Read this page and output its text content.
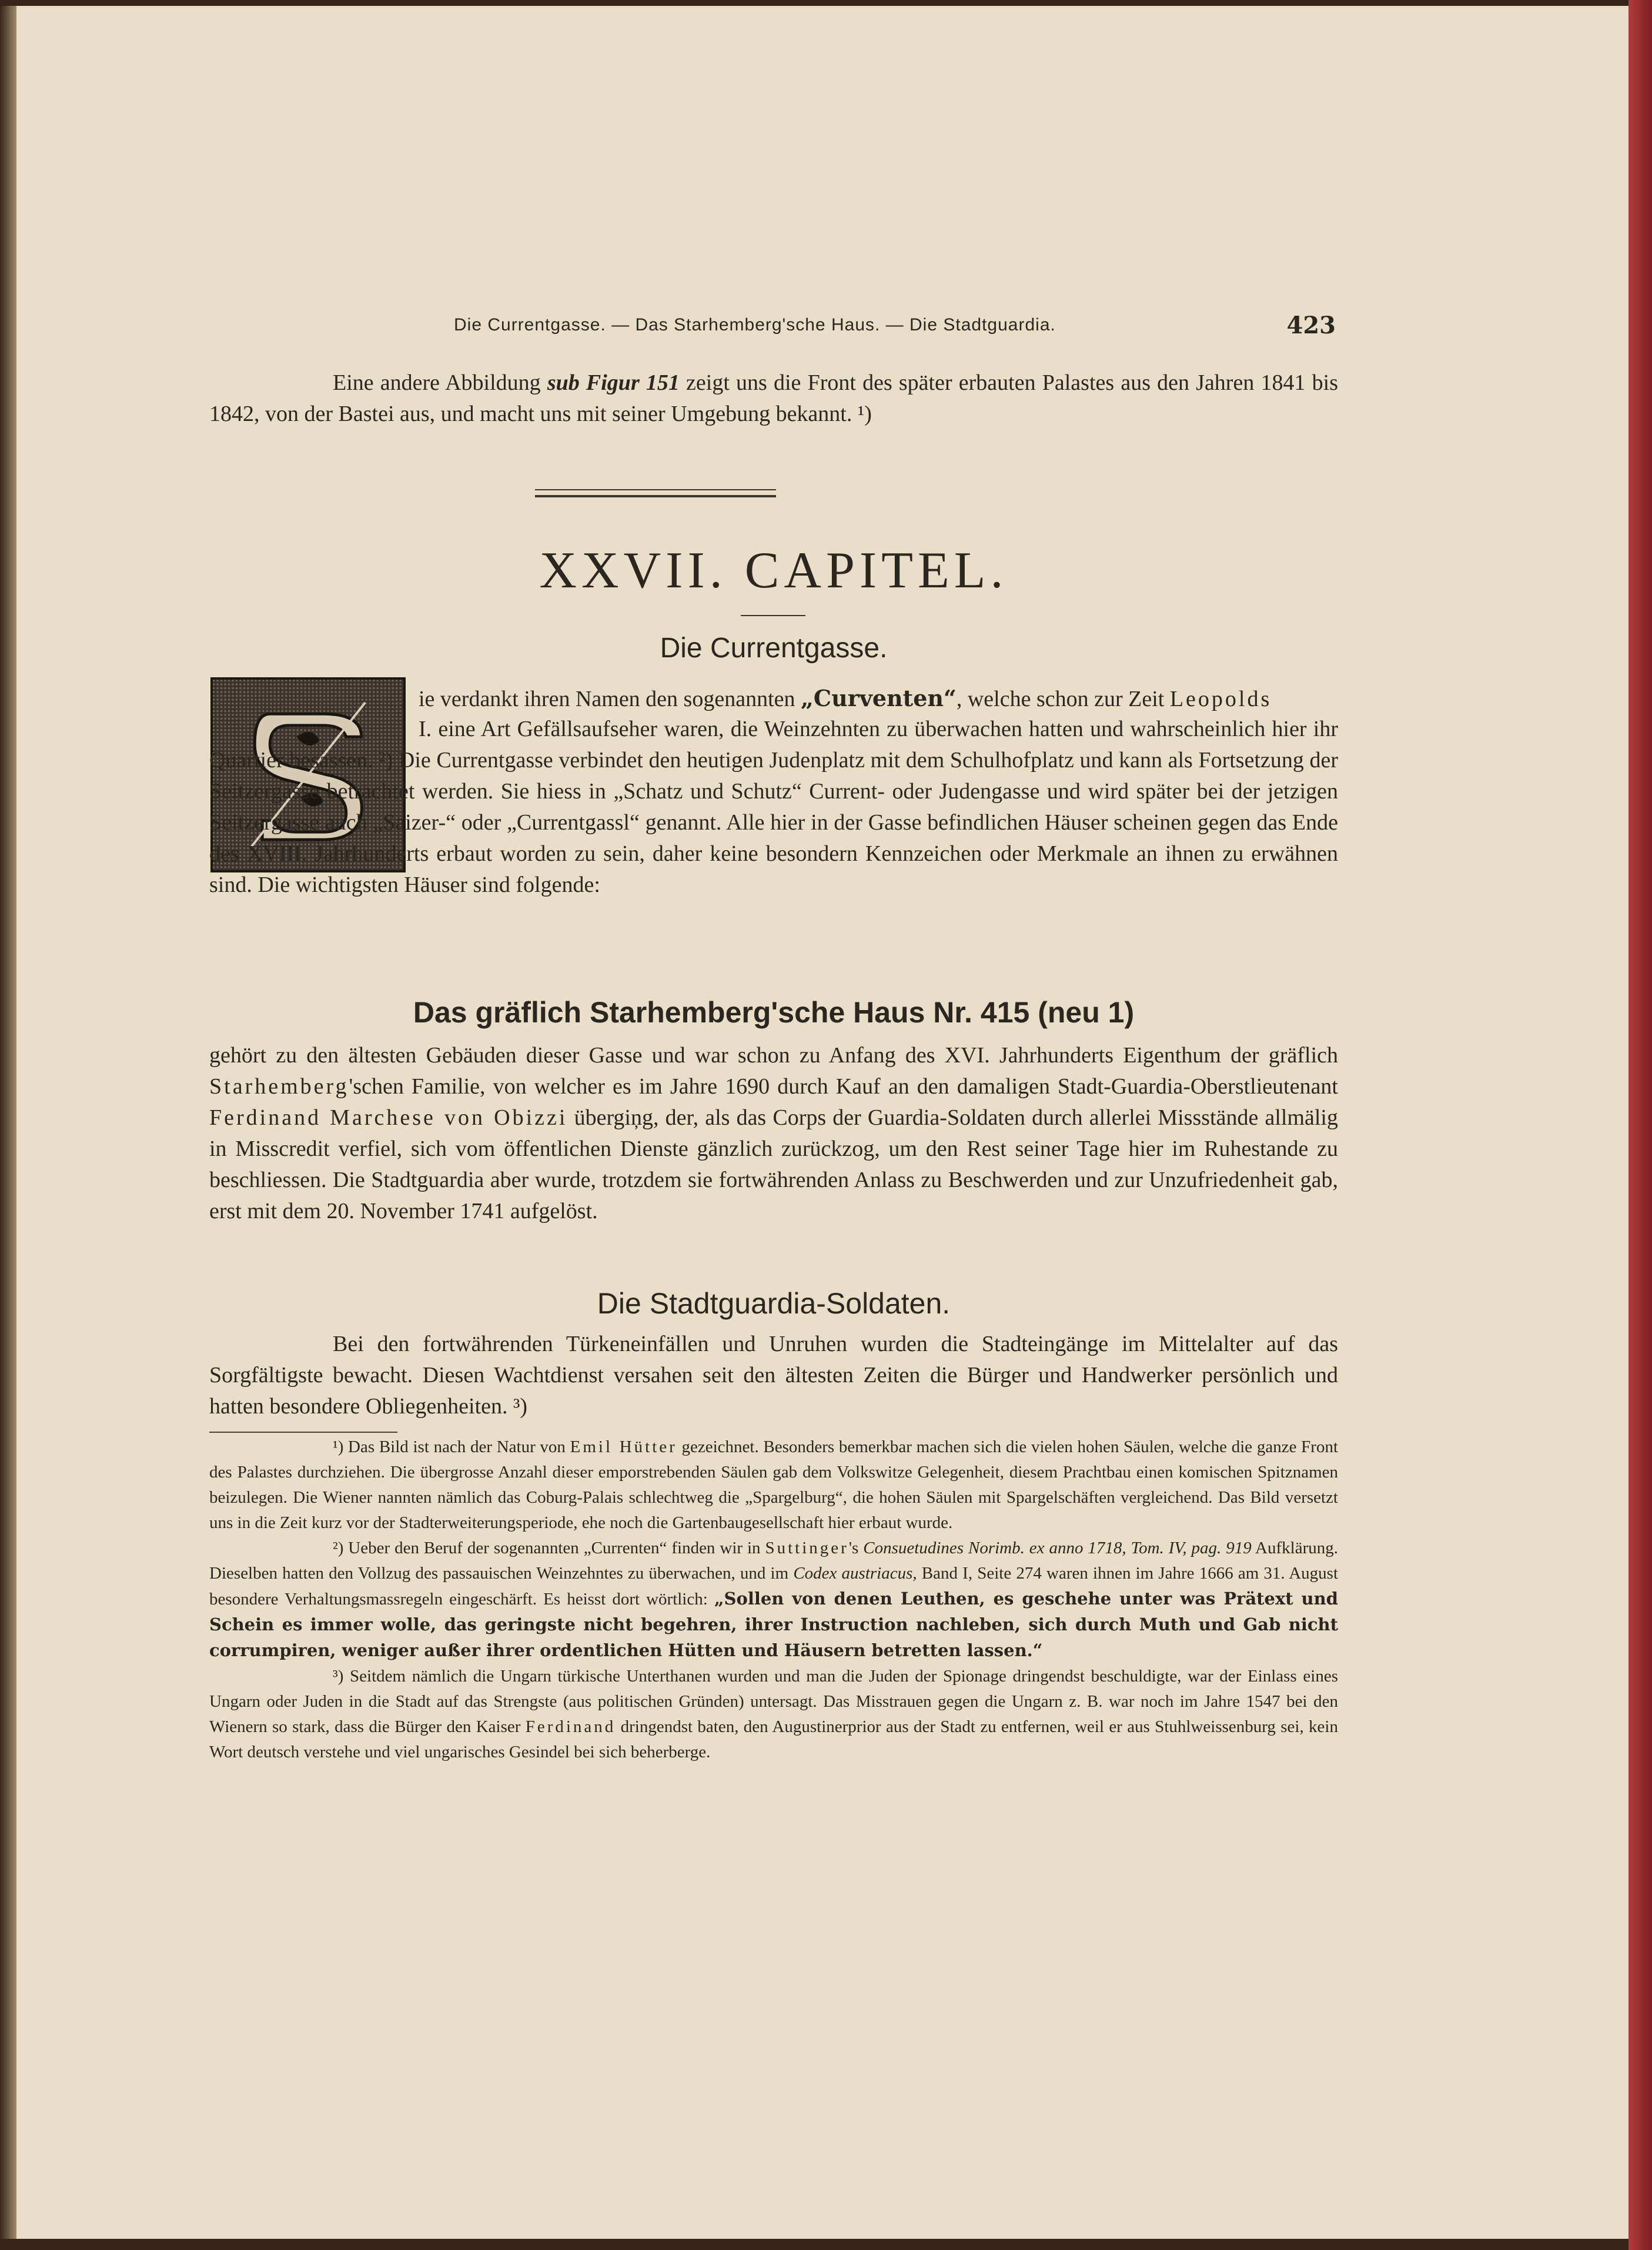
Die Currentgasse. — Das Starhemberg'sche Haus. — Die Stadtguardia.	423

Eine andere Abbildung sub Figur 151 zeigt uns die Front des später erbauten Palastes aus den Jahren 1841 bis 1842, von der Bastei aus, und macht uns mit seiner Umgebung bekannt. ¹)

XXVII. CAPITEL.
Die Currentgasse.

ie verdankt ihren Namen den sogenannten „Curventen“, welche schon zur Zeit Leopolds

I. eine Art Gefällsaufseher waren, die Weinzehnten zu überwachen hatten und wahrscheinlich hier ihr Quartier besassen. ²) Die Currentgasse verbindet den heutigen Judenplatz mit dem Schulhofplatz und kann als Fortsetzung der Seitzergasse betrachtet werden. Sie hiess in „Schatz und Schutz“ Current- oder Judengasse und wird später bei der jetzigen Seitzergasse auch „Saizer-“ oder „Currentgassl“ genannt. Alle hier in der Gasse befindlichen Häuser scheinen gegen das Ende des XVIII. Jahrhunderts erbaut worden zu sein, daher keine besondern Kennzeichen oder Merkmale an ihnen zu erwähnen sind. Die wichtigsten Häuser sind folgende:

Das gräflich Starhemberg'sche Haus Nr. 415 (neu 1)

gehört zu den ältesten Gebäuden dieser Gasse und war schon zu Anfang des XVI. Jahrhunderts Eigenthum der gräflich Starhemberg'schen Familie, von welcher es im Jahre 1690 durch Kauf an den damaligen Stadt-Guardia-Oberstlieutenant Ferdinand Marchese von Obizzi übergiņg, der, als das Corps der Guardia-Soldaten durch allerlei Missstände allmälig in Misscredit verfiel, sich vom öffentlichen Dienste gänzlich zurückzog, um den Rest seiner Tage hier im Ruhestande zu beschliessen. Die Stadtguardia aber wurde, trotzdem sie fortwährenden Anlass zu Beschwerden und zur Unzufriedenheit gab, erst mit dem 20. November 1741 aufgelöst.

Die Stadtguardia-Soldaten.

Bei den fortwährenden Türkeneinfällen und Unruhen wurden die Stadteingänge im Mittelalter auf das Sorgfältigste bewacht. Diesen Wachtdienst versahen seit den ältesten Zeiten die Bürger und Handwerker persönlich und hatten besondere Obliegenheiten. ³)

¹) Das Bild ist nach der Natur von Emil Hütter gezeichnet. Besonders bemerkbar machen sich die vielen hohen Säulen, welche die ganze Front des Palastes durchziehen. Die übergrosse Anzahl dieser emporstrebenden Säulen gab dem Volkswitze Gelegenheit, diesem Prachtbau einen komischen Spitznamen beizulegen. Die Wiener nannten nämlich das Coburg-Palais schlechtweg die „Spargelburg“, die hohen Säulen mit Spargelschäften vergleichend. Das Bild versetzt uns in die Zeit kurz vor der Stadterweiterungsperiode, ehe noch die Gartenbaugesellschaft hier erbaut wurde.

²) Ueber den Beruf der sogenannten „Currenten“ finden wir in Suttinger's Consuetudines Norimb. ex anno 1718, Tom. IV, pag. 919 Aufklärung. Dieselben hatten den Vollzug des passauischen Weinzehntes zu überwachen, und im Codex austriacus, Band I, Seite 274 waren ihnen im Jahre 1666 am 31. August besondere Verhaltungsmassregeln eingeschärft. Es heisst dort wörtlich: „Sollen von denen Leuthen, es geschehe unter was Prätext und Schein es immer wolle, das geringste nicht begehren, ihrer Instruction nachleben, sich durch Muth und Gab nicht corrumpiren, weniger außer ihrer ordentlichen Hütten und Häusern betretten lassen.“

³) Seitdem nämlich die Ungarn türkische Unterthanen wurden und man die Juden der Spionage dringendst beschuldigte, war der Einlass eines Ungarn oder Juden in die Stadt auf das Strengste (aus politischen Gründen) untersagt. Das Misstrauen gegen die Ungarn z. B. war noch im Jahre 1547 bei den Wienern so stark, dass die Bürger den Kaiser Ferdinand dringendst baten, den Augustinerprior aus der Stadt zu entfernen, weil er aus Stuhlweissenburg sei, kein Wort deutsch verstehe und viel ungarisches Gesindel bei sich beherberge.
